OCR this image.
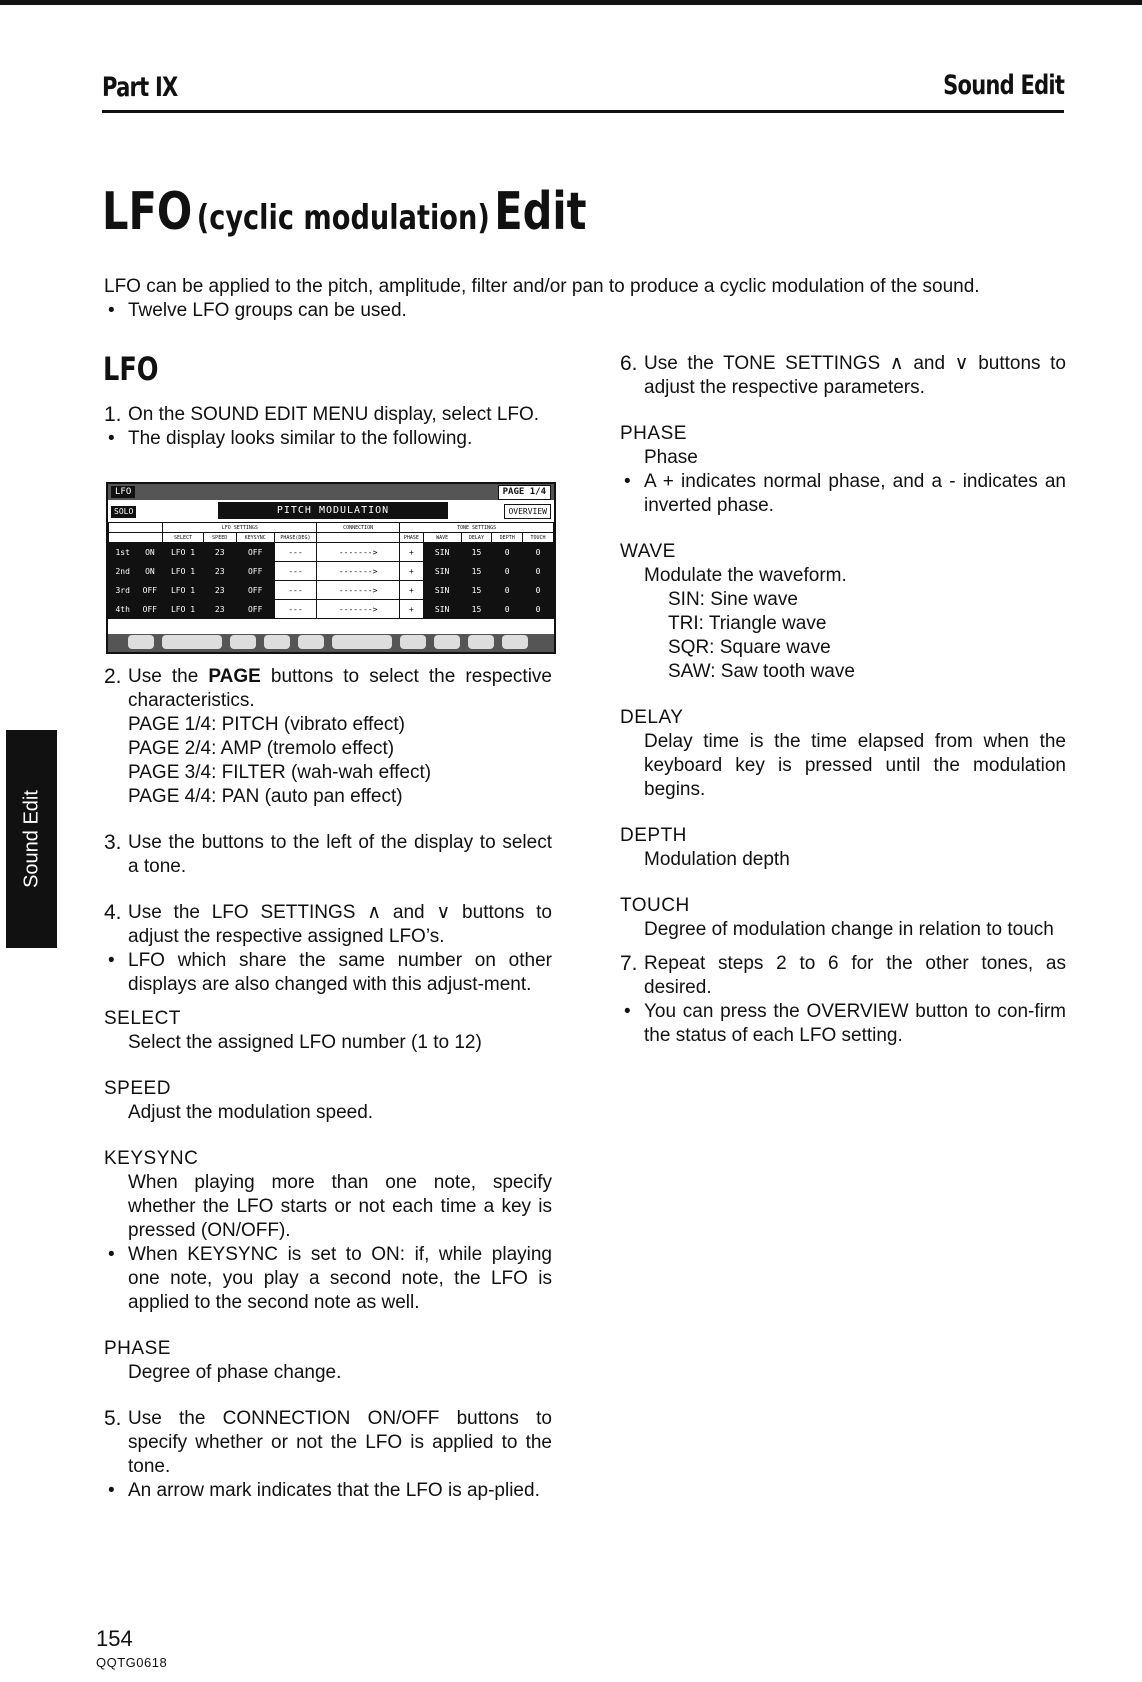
Part IX	Sound Edit
LFO (cyclic modulation) Edit
LFO can be applied to the pitch, amplitude, filter and/or pan to produce a cyclic modulation of the sound.
• Twelve LFO groups can be used.
LFO
1. On the SOUND EDIT MENU display, select LFO.
• The display looks similar to the following.
LFO	PAGE 1/4
SOLO	PITCH MODULATION	OVERVIEW
		LFO SETTINGS				CONNECTION	TONE SETTINGS				
		SELECT	SPEED	KEYSYNC	PHASE(DEG)		PHASE	WAVE	DELAY	DEPTH	TOUCH
1st	ON	LFO 1	23	OFF	---	------->	+	SIN	15	0	0
2nd	ON	LFO 1	23	OFF	---	------->	+	SIN	15	0	0
3rd	OFF	LFO 1	23	OFF	---	------->	+	SIN	15	0	0
4th	OFF	LFO 1	23	OFF	---	------->	+	SIN	15	0	0
2. Use the PAGE buttons to select the respective characteristics.
PAGE 1/4: PITCH (vibrato effect)
PAGE 2/4: AMP (tremolo effect)
PAGE 3/4: FILTER (wah-wah effect)
PAGE 4/4: PAN (auto pan effect)
3. Use the buttons to the left of the display to select a tone.
4. Use the LFO SETTINGS ∧ and ∨ buttons to adjust the respective assigned LFO’s.
• LFO which share the same number on other displays are also changed with this adjust-ment.
SELECT
Select the assigned LFO number (1 to 12)
SPEED
Adjust the modulation speed.
KEYSYNC
When playing more than one note, specify whether the LFO starts or not each time a key is pressed (ON/OFF).
• When KEYSYNC is set to ON: if, while playing one note, you play a second note, the LFO is applied to the second note as well.
PHASE
Degree of phase change.
5. Use the CONNECTION ON/OFF buttons to specify whether or not the LFO is applied to the tone.
• An arrow mark indicates that the LFO is ap-plied.
6. Use the TONE SETTINGS ∧ and ∨ buttons to adjust the respective parameters.
PHASE
Phase
• A + indicates normal phase, and a - indicates an inverted phase.
WAVE
Modulate the waveform.
SIN: Sine wave
TRI: Triangle wave
SQR: Square wave
SAW: Saw tooth wave
DELAY
Delay time is the time elapsed from when the keyboard key is pressed until the modulation begins.
DEPTH
Modulation depth
TOUCH
Degree of modulation change in relation to touch
7. Repeat steps 2 to 6 for the other tones, as desired.
• You can press the OVERVIEW button to con-firm the status of each LFO setting.
Sound Edit
154
QQTG0618
